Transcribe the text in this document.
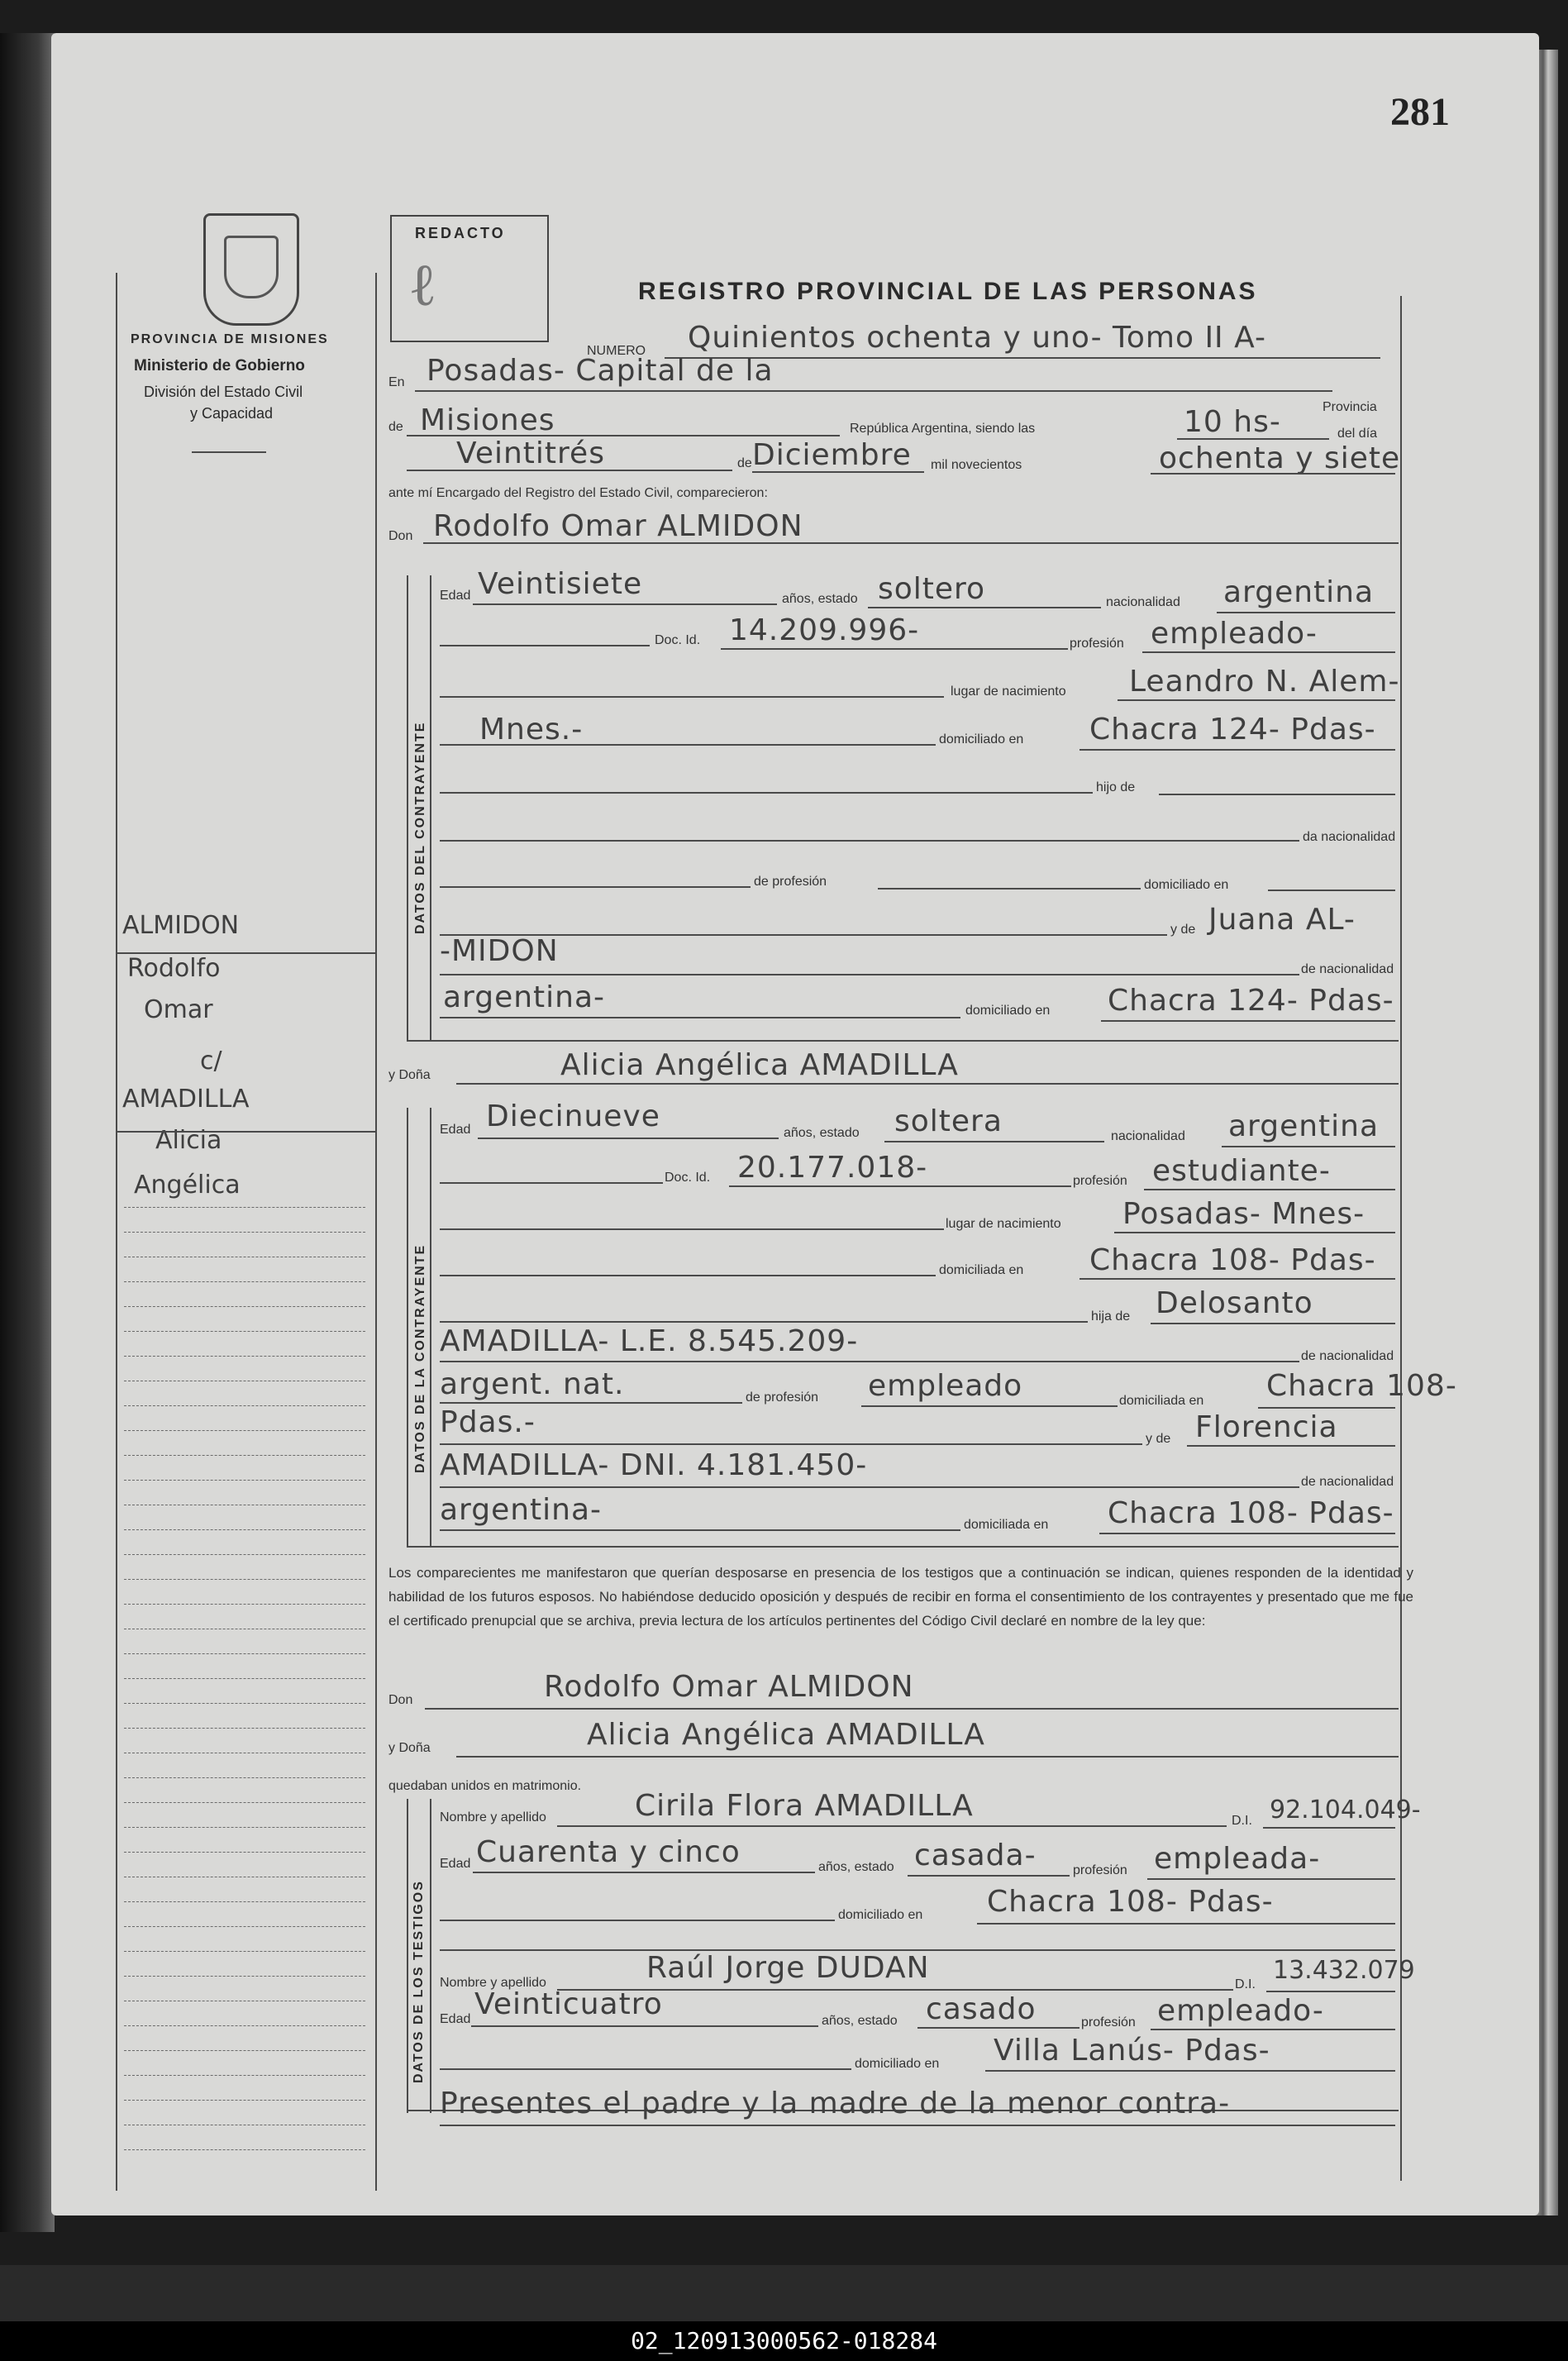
281
PROVINCIA DE MISIONES
Ministerio de Gobierno
División del Estado Civil
y Capacidad
REDACTO
ℓ	REGISTRO PROVINCIAL DE LAS PERSONAS
ALMIDON
Rodolfo
Omar
c/
AMADILLA
Alicia
Angélica
NUMERO Quinientos ochenta y uno- Tomo II A-
En Posadas- Capital de la
Provincia
de Misiones	República Argentina, siendo las	10 hs-	del día
Veintitrés	de Diciembre mil novecientos	ochenta y siete
ante mí Encargado del Registro del Estado Civil, comparecieron:
Don Rodolfo Omar ALMIDON
DATOS DEL CONTRAYENTE
Edad Veintisiete	años, estado soltero	nacionalidad argentina
Doc. Id. 14.209.996-	profesión empleado-
lugar de nacimiento Leandro N. Alem-
Mnes.-	domiciliado en Chacra 124- Pdas-
hijo de
da nacionalidad
de profesión	domiciliado en
y de Juana AL-
-MIDON
de nacionalidad
argentina-	domiciliado en Chacra 124- Pdas-
y Doña	Alicia Angélica AMADILLA
DATOS DE LA CONTRAYENTE
Edad Diecinueve	años, estado soltera	nacionalidad argentina
Doc. Id. 20.177.018-	profesión estudiante-
lugar de nacimiento Posadas- Mnes-
domiciliada en Chacra 108- Pdas-
hija de Delosanto
AMADILLA- L.E. 8.545.209-	de nacionalidad
argent. nat.	de profesión empleado	domiciliada en Chacra 108-
Pdas.-	y de Florencia
AMADILLA- DNI. 4.181.450-	de nacionalidad
argentina-	domiciliada en Chacra 108- Pdas-
Los comparecientes me manifestaron que querían desposarse en presencia de los testigos que a continuación se indican, quienes responden de la identidad y habilidad de los futuros esposos. No habiéndose deducido oposición y después de recibir en forma el consentimiento de los contrayentes y presentado que me fue el certificado prenupcial que se archiva, previa lectura de los artículos pertinentes del Código Civil declaré en nombre de la ley que:
Don	Rodolfo Omar ALMIDON
y Doña	Alicia Angélica AMADILLA
quedaban unidos en matrimonio.
DATOS DE LOS TESTIGOS
Nombre y apellido	Cirila Flora AMADILLA	D.I. 92.104.049-
Edad Cuarenta y cinco	años, estado casada-	profesión empleada-
domiciliado en Chacra 108- Pdas-
Nombre y apellido	Raúl Jorge DUDAN	D.I. 13.432.079
Edad Veinticuatro	años, estado casado	profesión empleado-
domiciliado en Villa Lanús- Pdas-
Presentes el padre y la madre de la menor contra-
02_120913000562-018284
